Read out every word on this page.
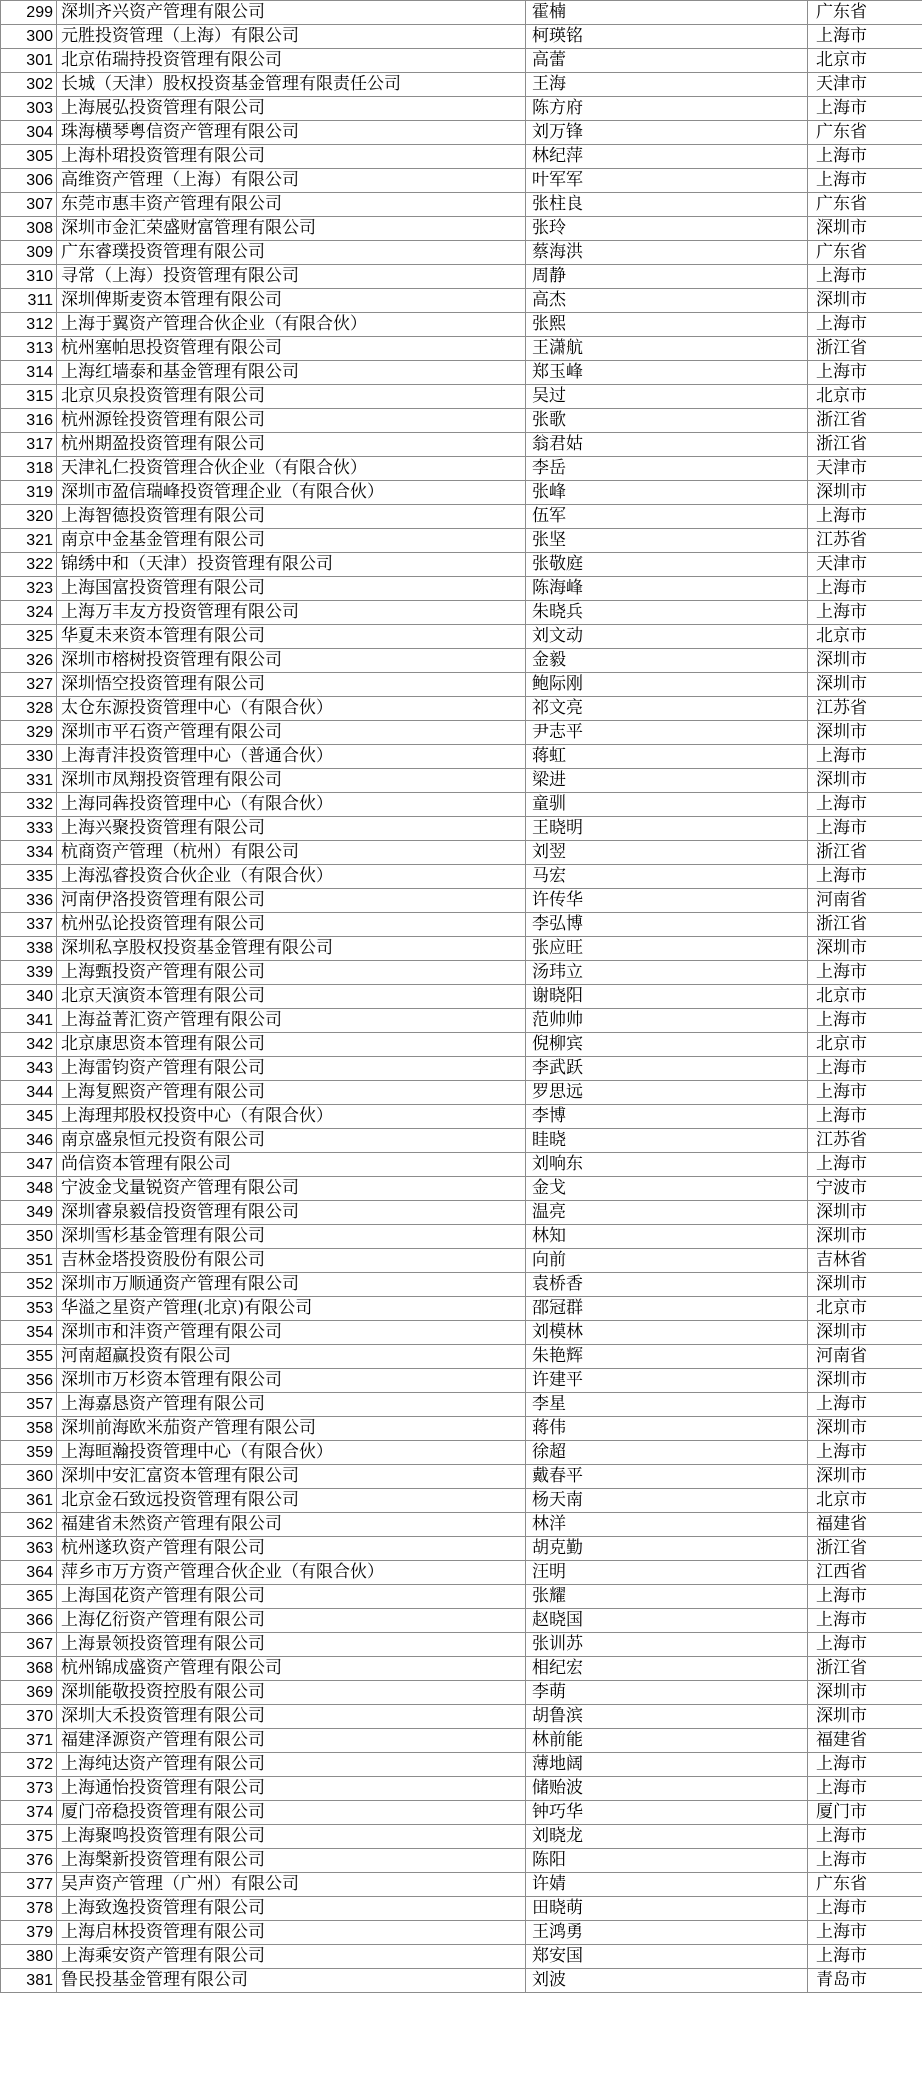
299	深圳齐兴资产管理有限公司	霍楠	广东省
300	元胜投资管理（上海）有限公司	柯瑛铭	上海市
301	北京佑瑞持投资管理有限公司	高蕾	北京市
302	长城（天津）股权投资基金管理有限责任公司	王海	天津市
303	上海展弘投资管理有限公司	陈方府	上海市
304	珠海横琴粤信资产管理有限公司	刘万锋	广东省
305	上海朴珺投资管理有限公司	林纪萍	上海市
306	高维资产管理（上海）有限公司	叶军军	上海市
307	东莞市惠丰资产管理有限公司	张柱良	广东省
308	深圳市金汇荣盛财富管理有限公司	张玲	深圳市
309	广东睿璞投资管理有限公司	蔡海洪	广东省
310	寻常（上海）投资管理有限公司	周静	上海市
311	深圳俾斯麦资本管理有限公司	高杰	深圳市
312	上海于翼资产管理合伙企业（有限合伙）	张熙	上海市
313	杭州塞帕思投资管理有限公司	王潇航	浙江省
314	上海红墙泰和基金管理有限公司	郑玉峰	上海市
315	北京贝泉投资管理有限公司	吴过	北京市
316	杭州源铨投资管理有限公司	张歌	浙江省
317	杭州期盈投资管理有限公司	翁君姑	浙江省
318	天津礼仁投资管理合伙企业（有限合伙）	李岳	天津市
319	深圳市盈信瑞峰投资管理企业（有限合伙）	张峰	深圳市
320	上海智德投资管理有限公司	伍军	上海市
321	南京中金基金管理有限公司	张坚	江苏省
322	锦绣中和（天津）投资管理有限公司	张敬庭	天津市
323	上海国富投资管理有限公司	陈海峰	上海市
324	上海万丰友方投资管理有限公司	朱晓兵	上海市
325	华夏未来资本管理有限公司	刘文动	北京市
326	深圳市榕树投资管理有限公司	金毅	深圳市
327	深圳悟空投资管理有限公司	鲍际刚	深圳市
328	太仓东源投资管理中心（有限合伙）	祁文亮	江苏省
329	深圳市平石资产管理有限公司	尹志平	深圳市
330	上海青沣投资管理中心（普通合伙）	蒋虹	上海市
331	深圳市凤翔投资管理有限公司	梁进	深圳市
332	上海同犇投资管理中心（有限合伙）	童驯	上海市
333	上海兴聚投资管理有限公司	王晓明	上海市
334	杭商资产管理（杭州）有限公司	刘翌	浙江省
335	上海泓睿投资合伙企业（有限合伙）	马宏	上海市
336	河南伊洛投资管理有限公司	许传华	河南省
337	杭州弘论投资管理有限公司	李弘博	浙江省
338	深圳私享股权投资基金管理有限公司	张应旺	深圳市
339	上海甄投资产管理有限公司	汤玮立	上海市
340	北京天演资本管理有限公司	谢晓阳	北京市
341	上海益菁汇资产管理有限公司	范帅帅	上海市
342	北京康思资本管理有限公司	倪柳宾	北京市
343	上海雷钧资产管理有限公司	李武跃	上海市
344	上海复熙资产管理有限公司	罗思远	上海市
345	上海理邦股权投资中心（有限合伙）	李博	上海市
346	南京盛泉恒元投资有限公司	眭晓	江苏省
347	尚信资本管理有限公司	刘响东	上海市
348	宁波金戈量锐资产管理有限公司	金戈	宁波市
349	深圳睿泉毅信投资管理有限公司	温亮	深圳市
350	深圳雪杉基金管理有限公司	林知	深圳市
351	吉林金塔投资股份有限公司	向前	吉林省
352	深圳市万顺通资产管理有限公司	袁桥香	深圳市
353	华溢之星资产管理(北京)有限公司	邵冠群	北京市
354	深圳市和沣资产管理有限公司	刘模林	深圳市
355	河南超赢投资有限公司	朱艳辉	河南省
356	深圳市万杉资本管理有限公司	许建平	深圳市
357	上海嘉恳资产管理有限公司	李星	上海市
358	深圳前海欧米茄资产管理有限公司	蒋伟	深圳市
359	上海晅瀚投资管理中心（有限合伙）	徐超	上海市
360	深圳中安汇富资本管理有限公司	戴春平	深圳市
361	北京金石致远投资管理有限公司	杨天南	北京市
362	福建省未然资产管理有限公司	林洋	福建省
363	杭州遂玖资产管理有限公司	胡克勤	浙江省
364	萍乡市万方资产管理合伙企业（有限合伙）	汪明	江西省
365	上海国花资产管理有限公司	张耀	上海市
366	上海亿衍资产管理有限公司	赵晓国	上海市
367	上海景领投资管理有限公司	张训苏	上海市
368	杭州锦成盛资产管理有限公司	相纪宏	浙江省
369	深圳能敬投资控股有限公司	李萌	深圳市
370	深圳大禾投资管理有限公司	胡鲁滨	深圳市
371	福建泽源资产管理有限公司	林前能	福建省
372	上海纯达资产管理有限公司	薄地阔	上海市
373	上海通怡投资管理有限公司	储贻波	上海市
374	厦门帝稳投资管理有限公司	钟巧华	厦门市
375	上海聚鸣投资管理有限公司	刘晓龙	上海市
376	上海槃新投资管理有限公司	陈阳	上海市
377	吴声资产管理（广州）有限公司	许婧	广东省
378	上海致逸投资管理有限公司	田晓萌	上海市
379	上海启林投资管理有限公司	王鸿勇	上海市
380	上海乘安资产管理有限公司	郑安国	上海市
381	鲁民投基金管理有限公司	刘波	青岛市
